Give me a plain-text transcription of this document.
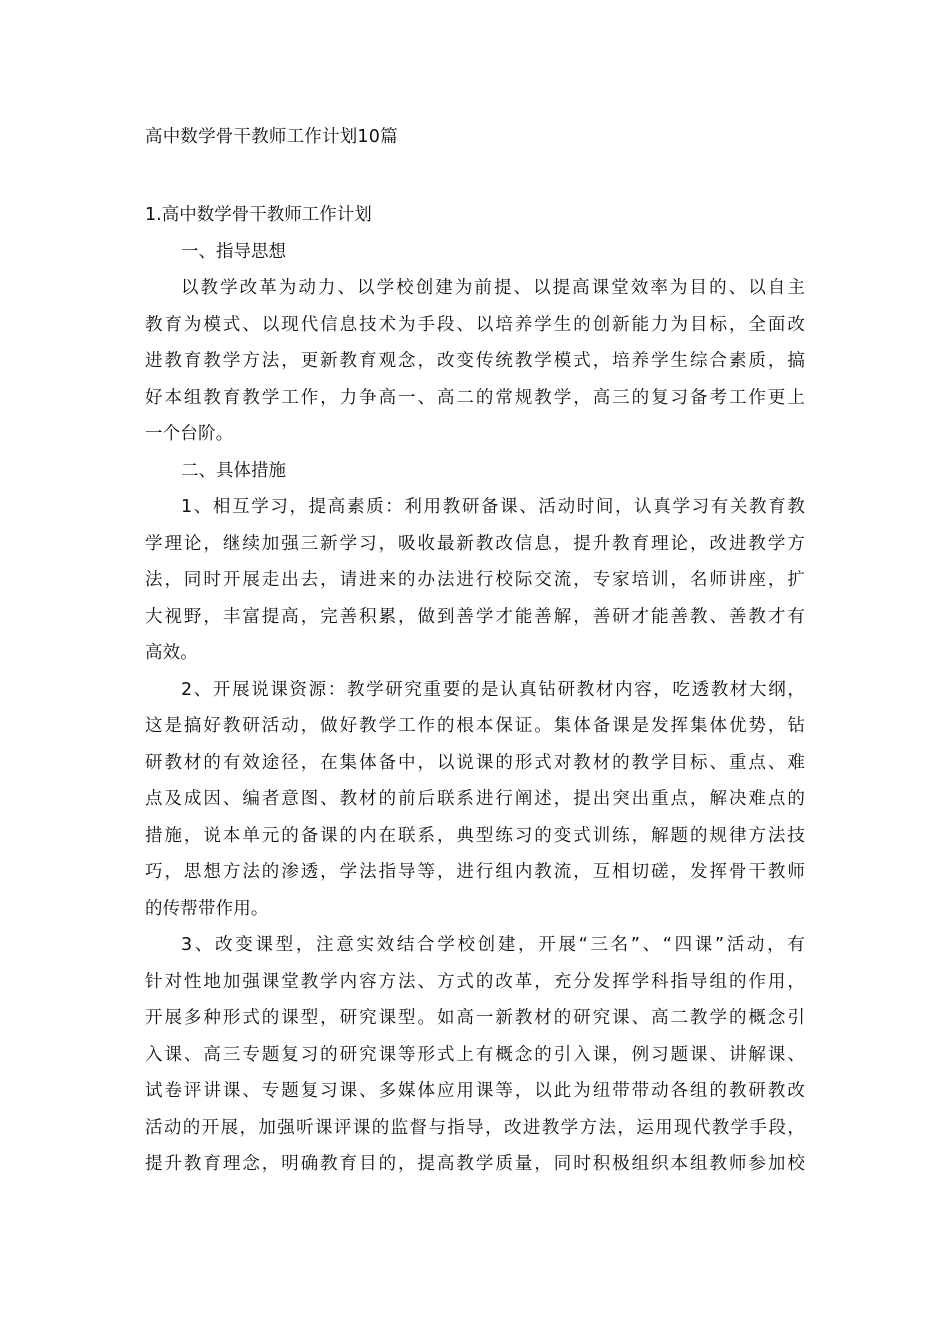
高中数学骨干教师工作计划10篇
1.高中数学骨干教师工作计划
一、指导思想
以教学改革为动力、以学校创建为前提、以提高课堂效率为目的、以自主
教育为模式、以现代信息技术为手段、以培养学生的创新能力为目标，全面改
进教育教学方法，更新教育观念，改变传统教学模式，培养学生综合素质，搞
好本组教育教学工作，力争高一、高二的常规教学，高三的复习备考工作更上
一个台阶。
二、具体措施
1、相互学习，提高素质：利用教研备课、活动时间，认真学习有关教育教
学理论，继续加强三新学习，吸收最新教改信息，提升教育理论，改进教学方
法，同时开展走出去，请进来的办法进行校际交流，专家培训，名师讲座，扩
大视野，丰富提高，完善积累，做到善学才能善解，善研才能善教、善教才有
高效。
2、开展说课资源：教学研究重要的是认真钻研教材内容，吃透教材大纲，
这是搞好教研活动，做好教学工作的根本保证。集体备课是发挥集体优势，钻
研教材的有效途径，在集体备中，以说课的形式对教材的教学目标、重点、难
点及成因、编者意图、教材的前后联系进行阐述，提出突出重点，解决难点的
措施，说本单元的备课的内在联系，典型练习的变式训练，解题的规律方法技
巧，思想方法的渗透，学法指导等，进行组内教流，互相切磋，发挥骨干教师
的传帮带作用。
3、改变课型，注意实效结合学校创建，开展“三名”、“四课”活动，有
针对性地加强课堂教学内容方法、方式的改革，充分发挥学科指导组的作用，
开展多种形式的课型，研究课型。如高一新教材的研究课、高二教学的概念引
入课、高三专题复习的研究课等形式上有概念的引入课，例习题课、讲解课、
试卷评讲课、专题复习课、多媒体应用课等，以此为纽带带动各组的教研教改
活动的开展，加强听课评课的监督与指导，改进教学方法，运用现代教学手段，
提升教育理念，明确教育目的，提高教学质量，同时积极组织本组教师参加校
